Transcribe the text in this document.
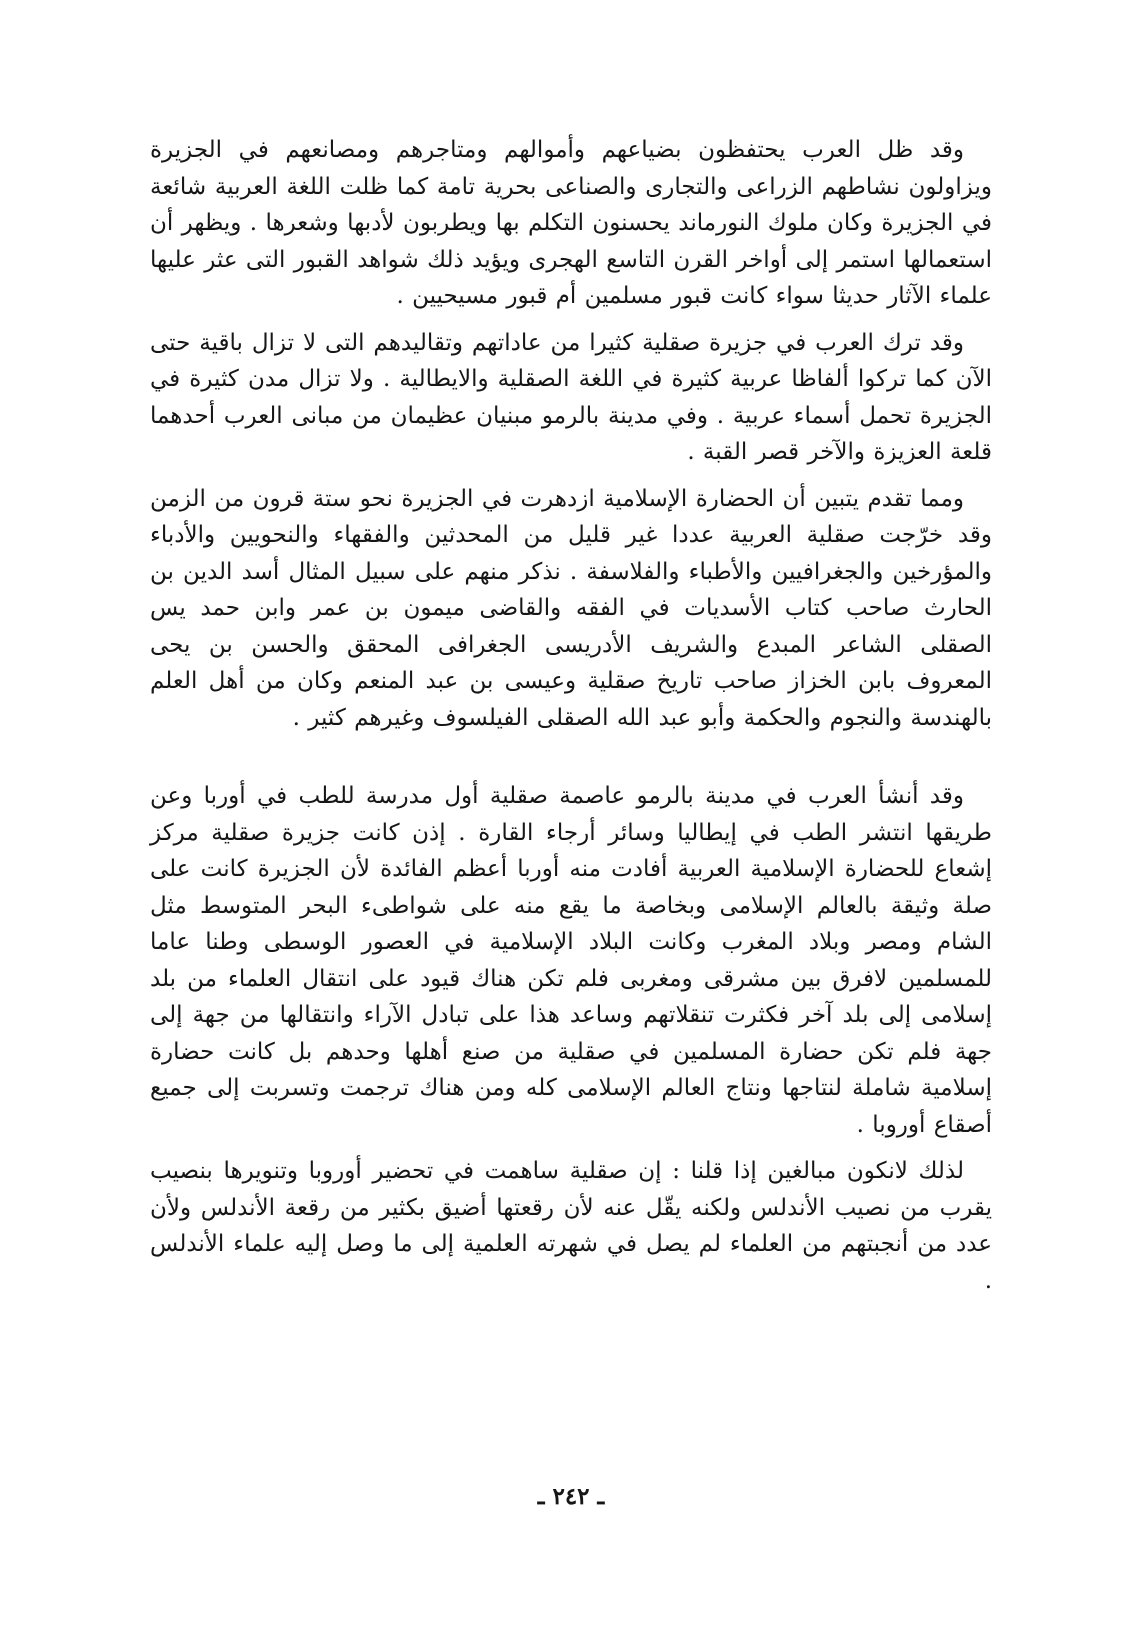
وقد ظل العرب يحتفظون بضياعهم وأموالهم ومتاجرهم ومصانعهم في الجزيرة ويزاولون نشاطهم الزراعى والتجارى والصناعى بحرية تامة كما ظلت اللغة العربية شائعة في الجزيرة وكان ملوك النورماند يحسنون التكلم بها ويطربون لأدبها وشعرها . ويظهر أن استعمالها استمر إلى أواخر القرن التاسع الهجرى ويؤيد ذلك شواهد القبور التى عثر عليها علماء الآثار حديثا سواء كانت قبور مسلمين أم قبور مسيحيين .

وقد ترك العرب في جزيرة صقلية كثيرا من عاداتهم وتقاليدهم التى لا تزال باقية حتى الآن كما تركوا ألفاظا عربية كثيرة في اللغة الصقلية والايطالية . ولا تزال مدن كثيرة في الجزيرة تحمل أسماء عربية . وفي مدينة بالرمو مبنيان عظيمان من مبانى العرب أحدهما قلعة العزيزة والآخر قصر القبة .

ومما تقدم يتبين أن الحضارة الإسلامية ازدهرت في الجزيرة نحو ستة قرون من الزمن وقد خرّجت صقلية العربية عددا غير قليل من المحدثين والفقهاء والنحويين والأدباء والمؤرخين والجغرافيين والأطباء والفلاسفة . نذكر منهم على سبيل المثال أسد الدين بن الحارث صاحب كتاب الأسديات في الفقه والقاضى ميمون بن عمر وابن حمد يس الصقلى الشاعر المبدع والشريف الأدريسى الجغرافى المحقق والحسن بن يحى المعروف بابن الخزاز صاحب تاريخ صقلية وعيسى بن عبد المنعم وكان من أهل العلم بالهندسة والنجوم والحكمة وأبو عبد الله الصقلى الفيلسوف وغيرهم كثير .

وقد أنشأ العرب في مدينة بالرمو عاصمة صقلية أول مدرسة للطب في أوربا وعن طريقها انتشر الطب في إيطاليا وسائر أرجاء القارة . إذن كانت جزيرة صقلية مركز إشعاع للحضارة الإسلامية العربية أفادت منه أوربا أعظم الفائدة لأن الجزيرة كانت على صلة وثيقة بالعالم الإسلامى وبخاصة ما يقع منه على شواطىء البحر المتوسط مثل الشام ومصر وبلاد المغرب وكانت البلاد الإسلامية في العصور الوسطى وطنا عاما للمسلمين لافرق بين مشرقى ومغربى فلم تكن هناك قيود على انتقال العلماء من بلد إسلامى إلى بلد آخر فكثرت تنقلاتهم وساعد هذا على تبادل الآراء وانتقالها من جهة إلى جهة فلم تكن حضارة المسلمين في صقلية من صنع أهلها وحدهم بل كانت حضارة إسلامية شاملة لنتاجها ونتاج العالم الإسلامى كله ومن هناك ترجمت وتسربت إلى جميع أصقاع أوروبا .

لذلك لانكون مبالغين إذا قلنا : إن صقلية ساهمت في تحضير أوروبا وتنويرها بنصيب يقرب من نصيب الأندلس ولكنه يقّل عنه لأن رقعتها أضيق بكثير من رقعة الأندلس ولأن عدد من أنجبتهم من العلماء لم يصل في شهرته العلمية إلى ما وصل إليه علماء الأندلس .

ـ ٢٤٢ ـ
